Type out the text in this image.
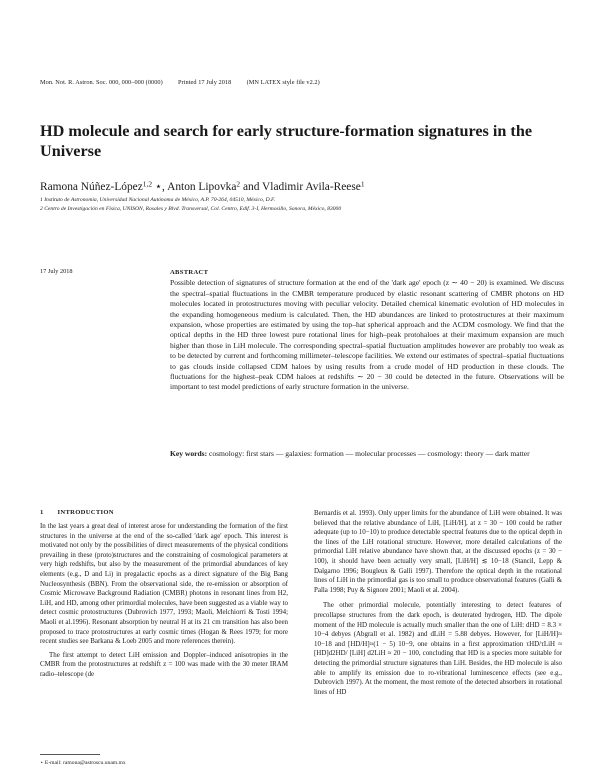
Mon. Not. R. Astron. Soc. 000, 000–000 (0000) Printed 17 July 2018 (MN LATEX style file v2.2)
HD molecule and search for early structure-formation signatures in the Universe
Ramona Núñez-López$^{1,2}$ ⋆, Anton Lipovka$^2$ and Vladimir Avila-Reese$^1$
1 Instituto de Astronomía, Universidad Nacional Autónoma de México, A.P. 70-264, 04510, México, D.F.
2 Centro de Investigación en Física, UNISON, Rosales y Blvd. Transversal, Col. Centro, Edif. 3-I, Hermosillo, Sonora, México, 83000
17 July 2018	ABSTRACT
Possible detection of signatures of structure formation at the end of the 'dark age' epoch (z ∼ 40 − 20) is examined. We discuss the spectral–spatial fluctuations in the CMBR temperature produced by elastic resonant scattering of CMBR photons on HD molecules located in protostructures moving with peculiar velocity. Detailed chemical kinematic evolution of HD molecules in the expanding homogeneous medium is calculated. Then, the HD abundances are linked to protostructures at their maximum expansion, whose properties are estimated by using the top–hat spherical approach and the ΛCDM cosmology. We find that the optical depths in the HD three lowest pure rotational lines for high–peak protohaloes at their maximum expansion are much higher than those in LiH molecule. The corresponding spectral–spatial fluctuation amplitudes however are probably too weak as to be detected by current and forthcoming millimeter–telescope facilities. We extend our estimates of spectral–spatial fluctuations to gas clouds inside collapsed CDM haloes by using results from a crude model of HD production in these clouds. The fluctuations for the highest–peak CDM haloes at redshifts ∼ 20 − 30 could be detected in the future. Observations will be important to test model predictions of early structure formation in the universe.
Key words: cosmology: first stars — galaxies: formation — molecular processes — cosmology: theory — dark matter
1 INTRODUCTION

In the last years a great deal of interest arose for understanding the formation of the first structures in the universe at the end of the so-called 'dark age' epoch. This interest is motivated not only by the possibilities of direct measurements of the physical conditions prevailing in these (proto)structures and the constraining of cosmological parameters at very high redshifts, but also by the measurement of the primordial abundances of key elements (e.g., D and Li) in pregalactic epochs as a direct signature of the Big Bang Nucleosynthesis (BBN). From the observational side, the re-emission or absorption of Cosmic Microwave Background Radiation (CMBR) photons in resonant lines from H2, LiH, and HD, among other primordial molecules, have been suggested as a viable way to detect cosmic protostructures (Dubrovich 1977, 1993; Maoli, Melchiorri & Tosti 1994; Maoli et al.1996). Resonant absorption by neutral H at its 21 cm transition has also been proposed to trace protostructures at early cosmic times (Hogan & Rees 1979; for more recent studies see Barkana & Loeb 2005 and more references therein).

The first attempt to detect LiH emission and Doppler–induced anisotropies in the CMBR from the protostructures at redshift z = 100 was made with the 30 meter IRAM radio–telescope (de

Bernardis et al. 1993). Only upper limits for the abundance of LiH were obtained. It was believed that the relative abundance of LiH, [LiH/H], at z = 30 − 100 could be rather adequate (up to 10−10) to produce detectable spectral features due to the optical depth in the lines of the LiH rotational structure. However, more detailed calculations of the primordial LiH relative abundance have shown that, at the discussed epochs (z = 30 − 100), it should have been actually very small, [LiH/H] ≲ 10−18 (Stancil, Lepp & Dalgarno 1996; Bougleux & Galli 1997). Therefore the optical depth in the rotational lines of LiH in the primordial gas is too small to produce observational features (Galli & Palla 1998; Puy & Signore 2001; Maoli et al. 2004).

The other primordial molecule, potentially interesting to detect features of precollapse structures from the dark epoch, is deuterated hydrogen, HD. The dipole moment of the HD molecule is actually much smaller than the one of LiH: dHD = 8.3 × 10−4 debyes (Abgrall et al. 1982) and dLiH = 5.88 debyes. However, for [LiH/H]≈ 10−18 and [HD/H]≈(1 − 5) 10−9, one obtains in a first approximation τHD/τLiH ≈ [HD]d2HD/ [LiH] d2LiH ≈ 20 − 100, concluding that HD is a species more suitable for detecting the primordial structure signatures than LiH. Besides, the HD molecule is also able to amplify its emission due to ro-vibrational luminescence effects (see e.g., Dubrovich 1997). At the moment, the most remote of the detected absorbers in rotational lines of HD

⋆ E-mail: ramona@astroscu.unam.mx
